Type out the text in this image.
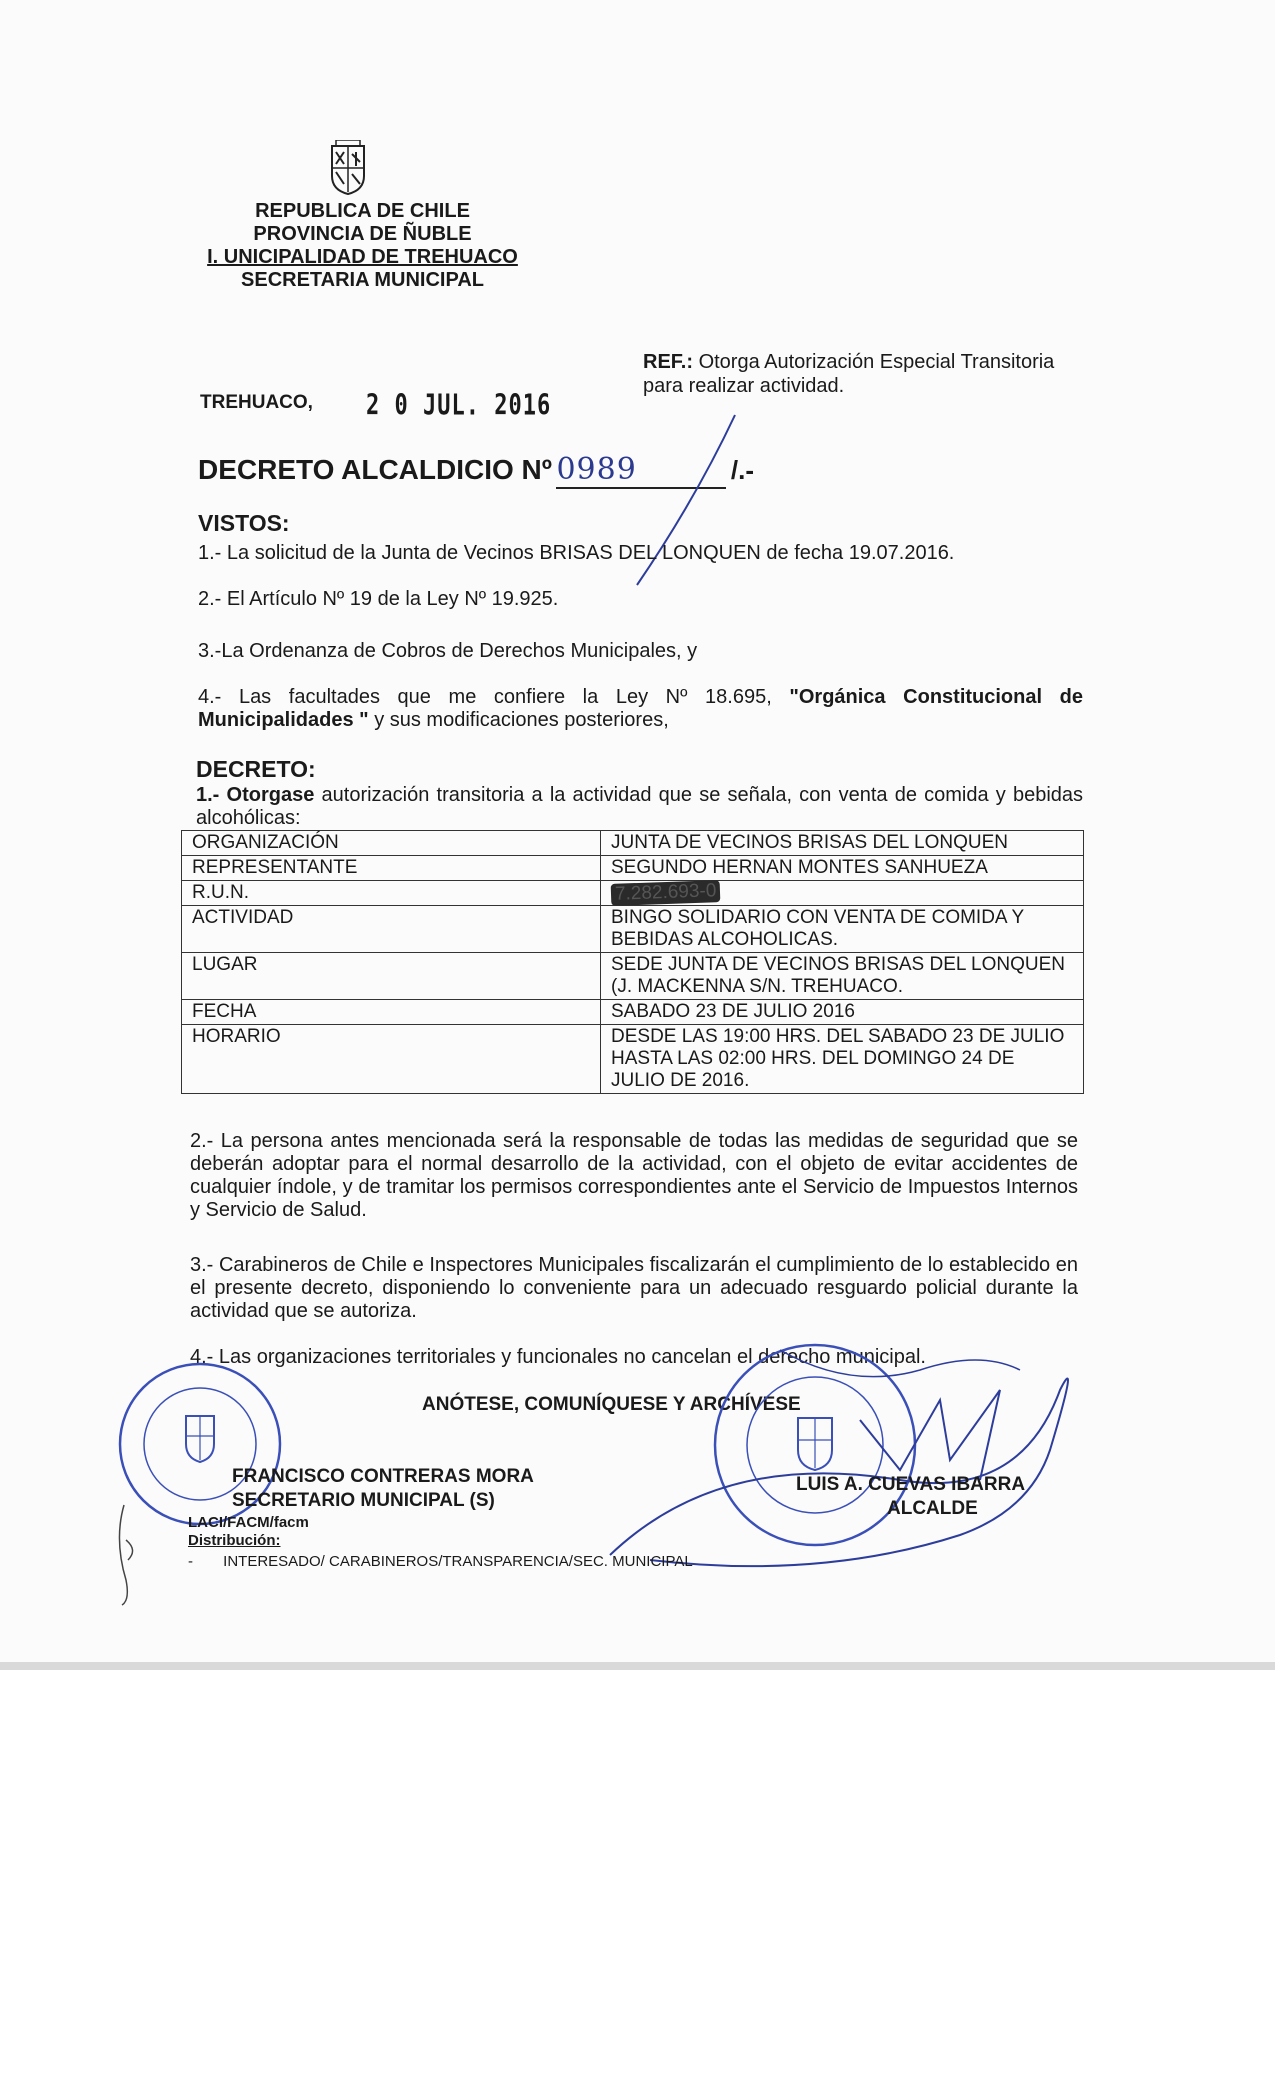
REPUBLICA DE CHILE
PROVINCIA DE ÑUBLE
I. UNICIPALIDAD DE TREHUACO
SECRETARIA MUNICIPAL
REF.: Otorga Autorización Especial Transitoria
para realizar actividad.
TREHUACO, 2 0 JUL. 2016
DECRETO ALCALDICIO Nº 0989	/.-
VISTOS:
1.- La solicitud de la Junta de Vecinos BRISAS DEL LONQUEN de fecha 19.07.2016.
2.- El Artículo Nº 19 de la Ley Nº 19.925.
3.-La Ordenanza de Cobros de Derechos Municipales, y
4.- Las facultades que me confiere la Ley Nº 18.695, "Orgánica Constitucional de Municipalidades " y sus modificaciones posteriores,
DECRETO:
1.- Otorgase autorización transitoria a la actividad que se señala, con venta de comida y bebidas alcohólicas:
ORGANIZACIÓN	JUNTA DE VECINOS BRISAS DEL LONQUEN
REPRESENTANTE	SEGUNDO HERNAN MONTES SANHUEZA
R.U.N.	7.282.693-0
ACTIVIDAD	BINGO SOLIDARIO CON VENTA DE COMIDA Y BEBIDAS ALCOHOLICAS.
LUGAR	SEDE JUNTA DE VECINOS BRISAS DEL LONQUEN (J. MACKENNA S/N. TREHUACO.
FECHA	SABADO 23 DE JULIO 2016
HORARIO	DESDE LAS 19:00 HRS. DEL SABADO 23 DE JULIO HASTA LAS 02:00 HRS. DEL DOMINGO 24 DE JULIO DE 2016.
2.- La persona antes mencionada será la responsable de todas las medidas de seguridad que se deberán adoptar para el normal desarrollo de la actividad, con el objeto de evitar accidentes de cualquier índole, y de tramitar los permisos correspondientes ante el Servicio de Impuestos Internos y Servicio de Salud.
3.- Carabineros de Chile e Inspectores Municipales fiscalizarán el cumplimiento de lo establecido en el presente decreto, disponiendo lo conveniente para un adecuado resguardo policial durante la actividad que se autoriza.
4.- Las organizaciones territoriales y funcionales no cancelan el derecho municipal.
ANÓTESE, COMUNÍQUESE Y ARCHÍVESE
FRANCISCO CONTRERAS MORA
SECRETARIO MUNICIPAL (S)
LUIS A. CUEVAS IBARRA
ALCALDE
LACI/FACM/facm
Distribución:
- INTERESADO/ CARABINEROS/TRANSPARENCIA/SEC. MUNICIPAL
